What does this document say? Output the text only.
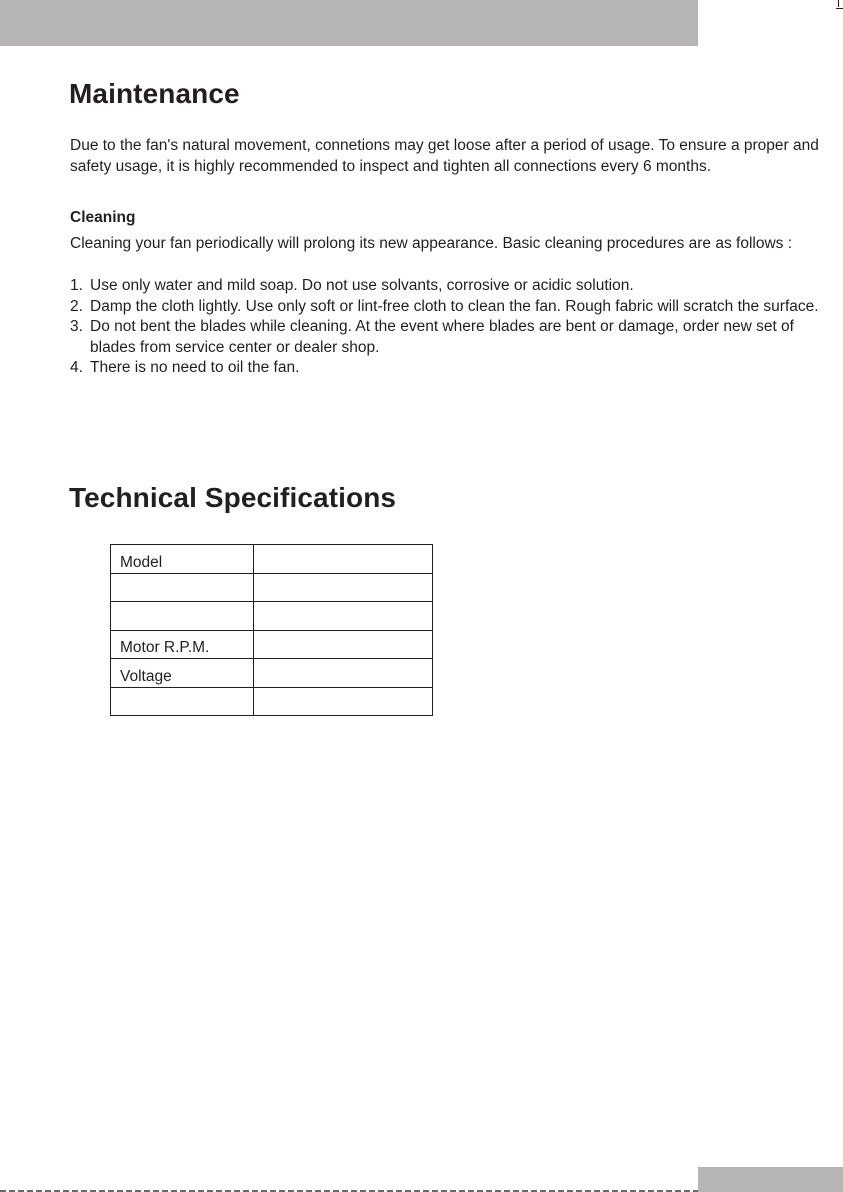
Maintenance

Due to the fan's natural movement, connetions may get loose after a period of usage. To ensure a proper and safety usage, it is highly recommended to inspect and tighten all connections every 6 months.

Cleaning

Cleaning your fan periodically will prolong its new appearance. Basic cleaning procedures are as follows :

1. Use only water and mild soap. Do not use solvants, corrosive or acidic solution.
2. Damp the cloth lightly. Use only soft or lint-free cloth to clean the fan. Rough fabric will scratch the surface.
3. Do not bent the blades while cleaning. At the event where blades are bent or damage, order new set of blades from service center or dealer shop.
4. There is no need to oil the fan.
Technical Specifications
Model	

Motor R.P.M.	
Voltage	
